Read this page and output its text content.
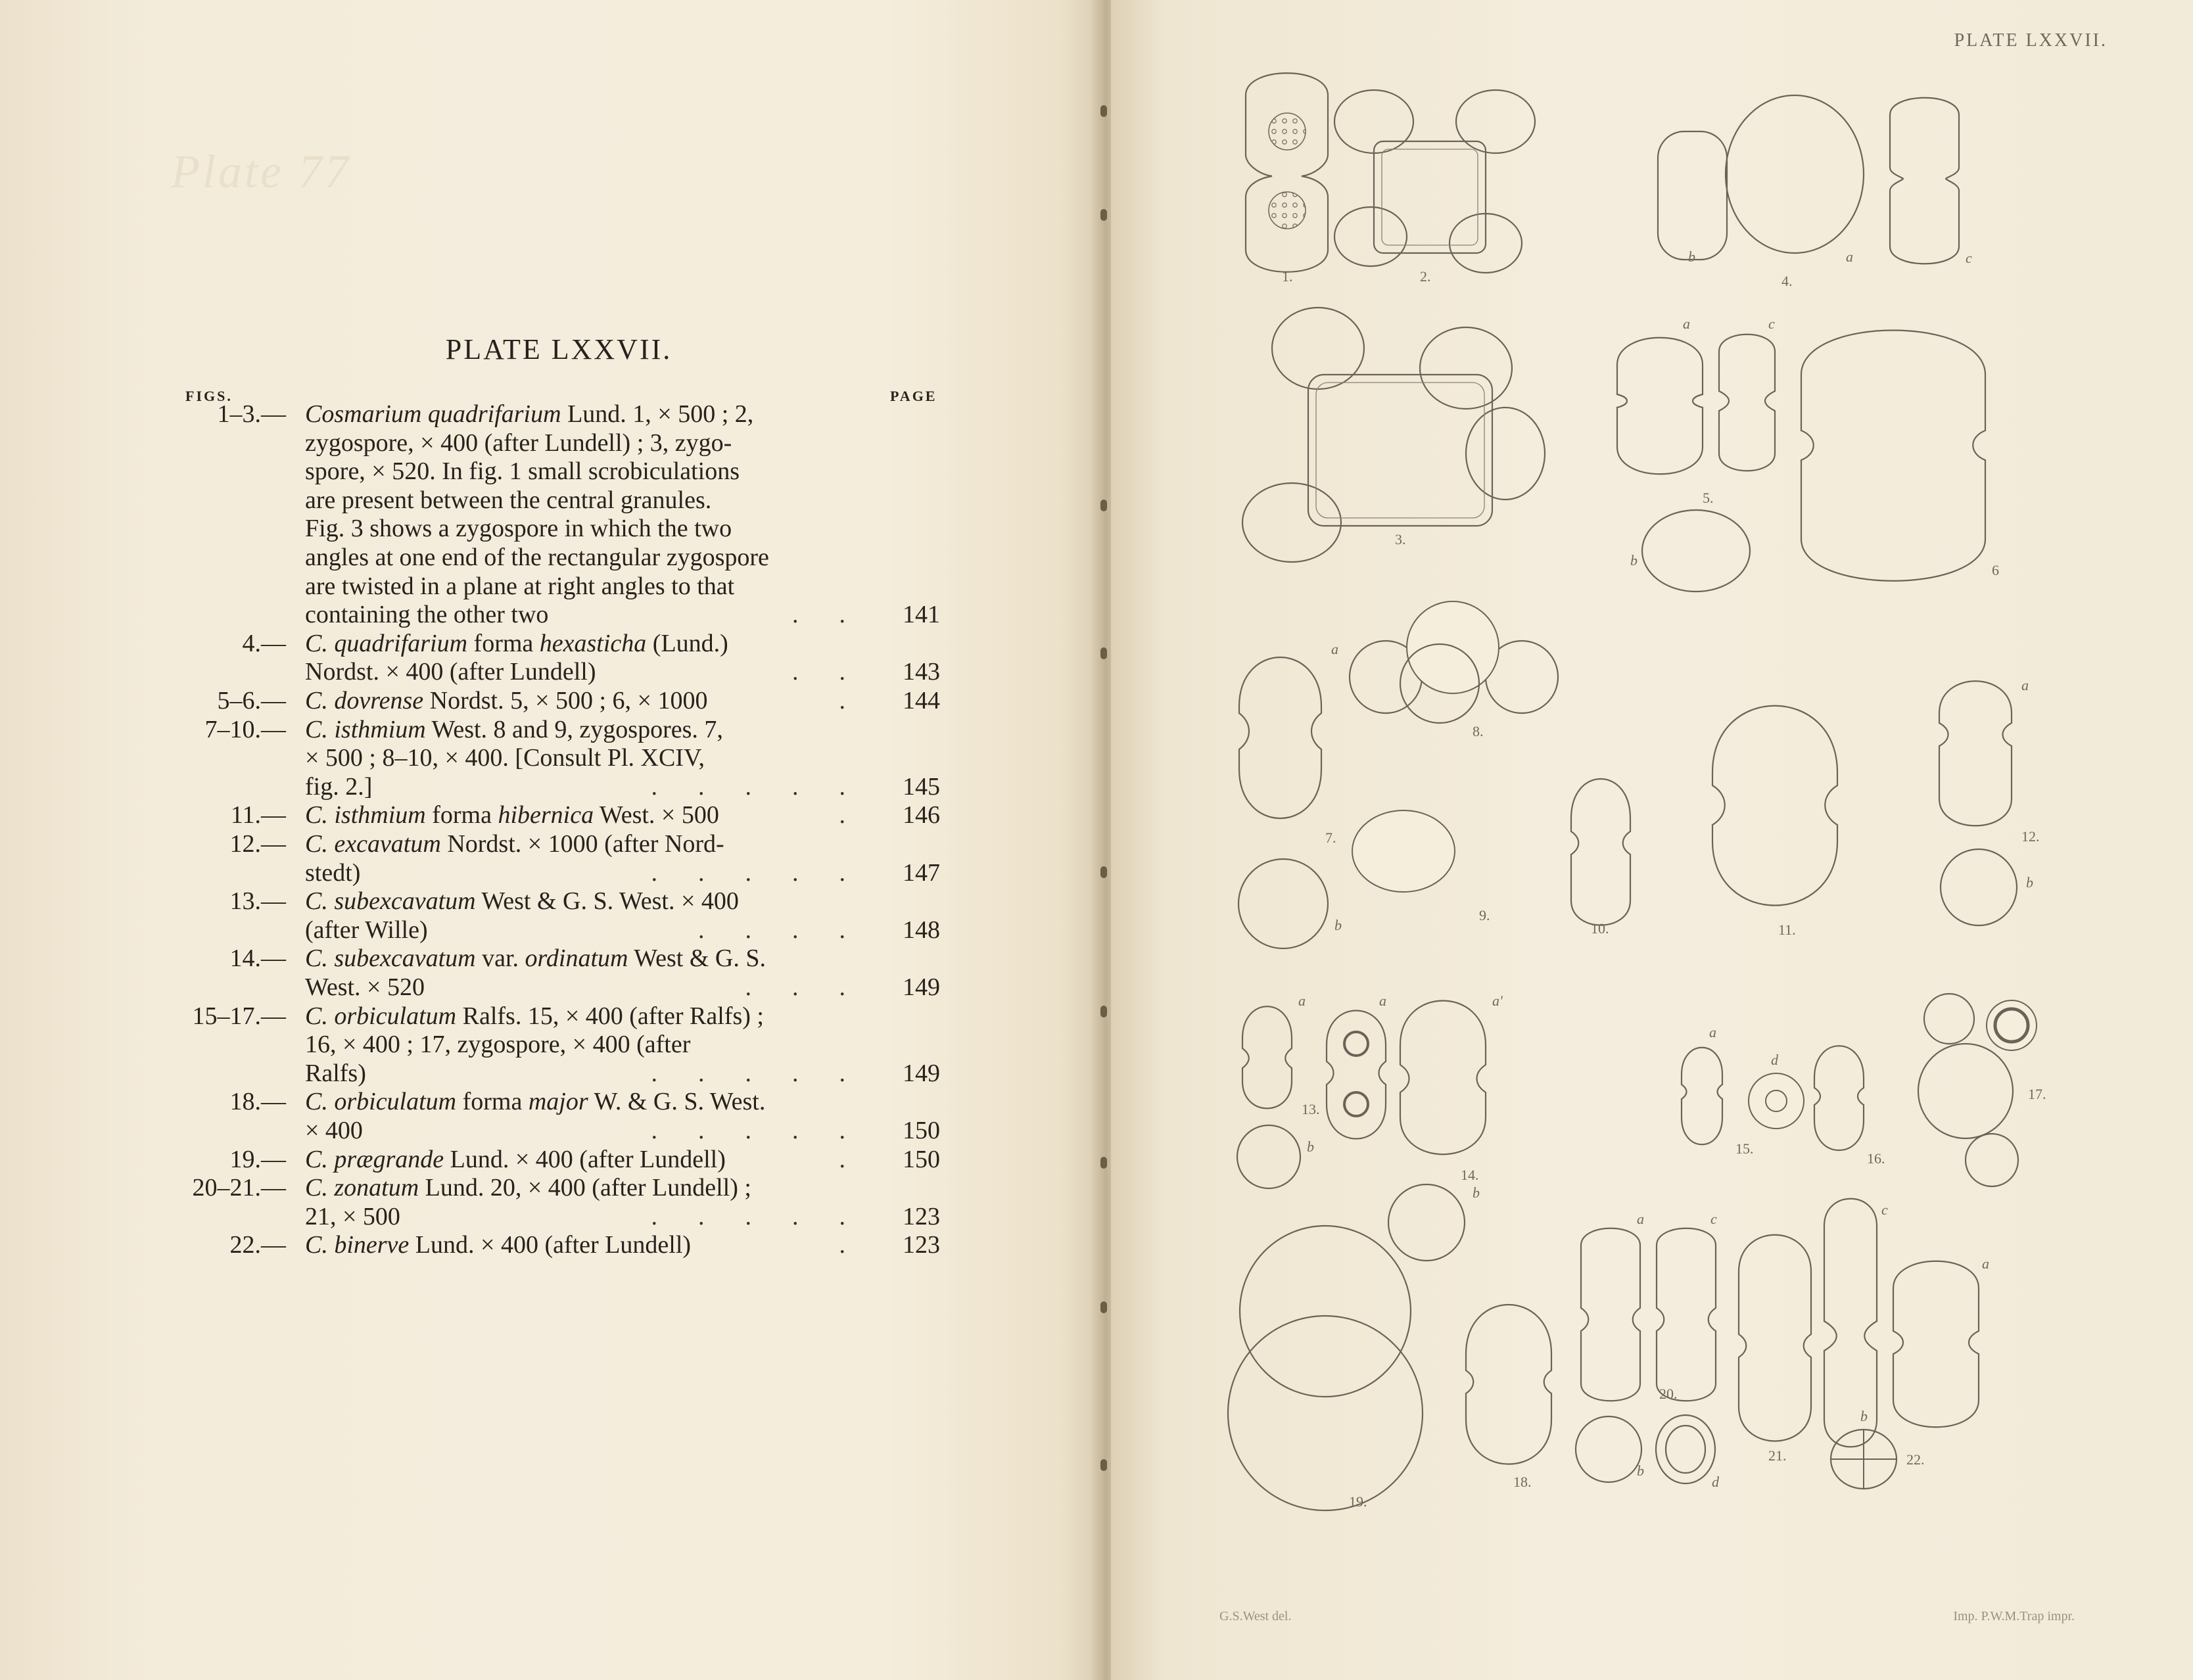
Plate 77
PLATE LXXVII.
FIGS.	PAGE
1–3.— Cosmarium quadrifarium Lund. 1, × 500 ; 2,
zygospore, × 400 (after Lundell) ; 3, zygo-
spore, × 520. In fig. 1 small scrobiculations
are present between the central granules.
Fig. 3 shows a zygospore in which the two
angles at one end of the rectangular zygospore
are twisted in a plane at right angles to that
containing the other two	.. 141
4.— C. quadrifarium forma hexasticha (Lund.)
Nordst. × 400 (after Lundell)	.. 143
5–6.— C. dovrense Nordst. 5, × 500 ; 6, × 1000	. 144
7–10.— C. isthmium West. 8 and 9, zygospores. 7,
× 500 ; 8–10, × 400. [Consult Pl. XCIV,
fig. 2.]	..... 145
11.— C. isthmium forma hibernica West. × 500	. 146
12.— C. excavatum Nordst. × 1000 (after Nord-
stedt)	..... 147
13.— C. subexcavatum West & G. S. West. × 400
(after Wille)	.... 148
14.— C. subexcavatum var. ordinatum West & G. S.
West. × 520	... 149
15–17.— C. orbiculatum Ralfs. 15, × 400 (after Ralfs) ;
16, × 400 ; 17, zygospore, × 400 (after
Ralfs)	..... 149
18.— C. orbiculatum forma major W. & G. S. West.
× 400	..... 150
19.— C. prægrande Lund. × 400 (after Lundell)	. 150
20–21.— C. zonatum Lund. 20, × 400 (after Lundell) ;
21, × 500	..... 123
22.— C. binerve Lund. × 400 (after Lundell)	. 123
PLATE LXXVII.
1.	2.
3.
b	a	c
4.
a	c
5.
b
6
a
7.
b
8.
9.
10.	11.
a
12.
b
a
13.
b
a	a'
14.
b
a
d
15.
16.
17.
18.
19.
a	c
20.
b
d
c
21.
a
b
22.
G.S.West del.	Imp. P.W.M.Trap impr.
